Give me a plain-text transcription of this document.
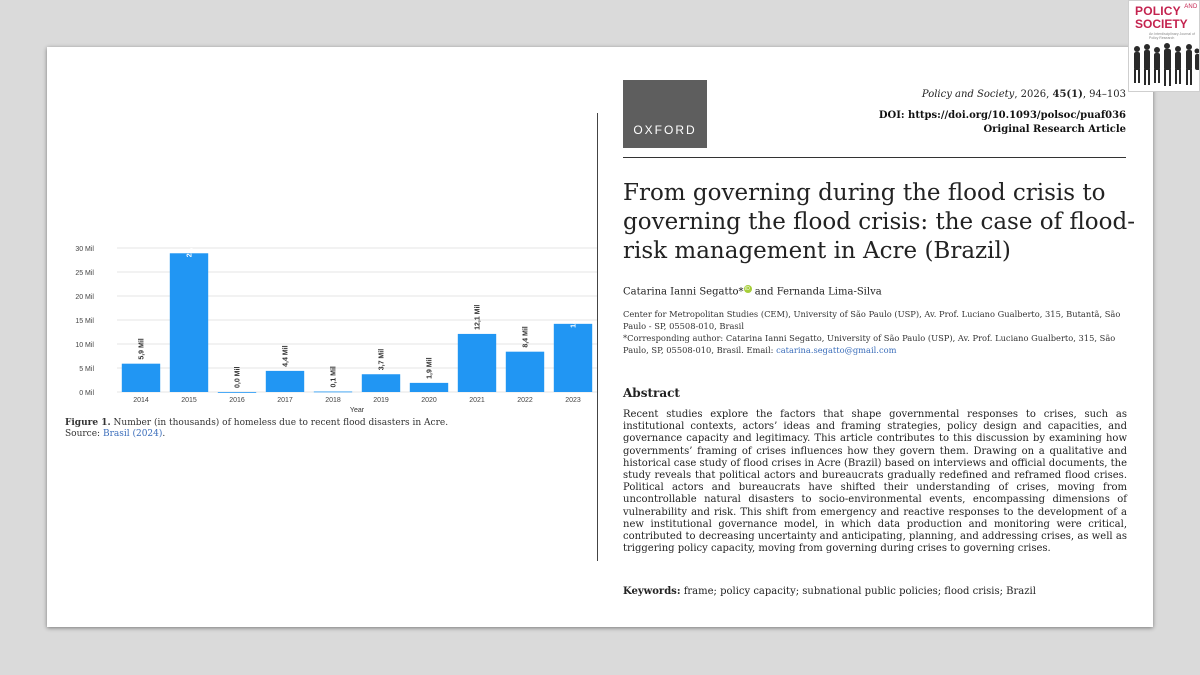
OXFORD
Policy and Society, 2026, 45(1), 94–103
DOI: https://doi.org/10.1093/polsoc/puaf036
Original Research Article
From governing during the flood crisis to governing the flood crisis: the case of flood-risk management in Acre (Brazil)
Catarina Ianni Segatto* iD and Fernanda Lima-Silva
Center for Metropolitan Studies (CEM), University of São Paulo (USP), Av. Prof. Luciano Gualberto, 315, Butantã, São Paulo - SP, 05508-010, Brasil
*Corresponding author: Catarina Ianni Segatto, University of São Paulo (USP), Av. Prof. Luciano Gualberto, 315, São Paulo, SP, 05508-010, Brasil. Email: catarina.segatto@gmail.com
Abstract

Recent studies explore the factors that shape governmental responses to crises, such as institutional contexts, actors’ ideas and framing strategies, policy design and capacities, and governance capacity and legitimacy. This article contributes to this discussion by examining how governments’ framing of crises influences how they govern them. Drawing on a qualitative and historical case study of flood crises in Acre (Brazil) based on interviews and official documents, the study reveals that political actors and bureaucrats gradually redefined and reframed flood crises. Political actors and bureaucrats have shifted their understanding of crises, moving from uncontrollable natural disasters to socio-environmental events, encompassing dimensions of vulnerability and risk. This shift from emergency and reactive responses to the development of a new institutional governance model, in which data production and monitoring were critical, contributed to decreasing uncertainty and anticipating, planning, and addressing crises, as well as triggering policy capacity, moving from governing during crises to governing crises.

Keywords: frame; policy capacity; subnational public policies; flood crisis; Brazil
0 Mil
5 Mil
10 Mil
15 Mil
20 Mil
25 Mil
30 Mil
2014
5,9 Mil
2015
28,9 Mil
2016
0,0 Mil
2017
4,4 Mil
2018
0,1 Mil
2019
3,7 Mil
2020
1,9 Mil
2021
12,1 Mil
2022
8,4 Mil
2023
14,2 Mil
Year
Figure 1. Number (in thousands) of homeless due to recent flood disasters in Acre.
Source: Brasil (2024).
POLICY $^{AND}$
SOCIETY
An Interdisciplinary Journal of Policy Research
